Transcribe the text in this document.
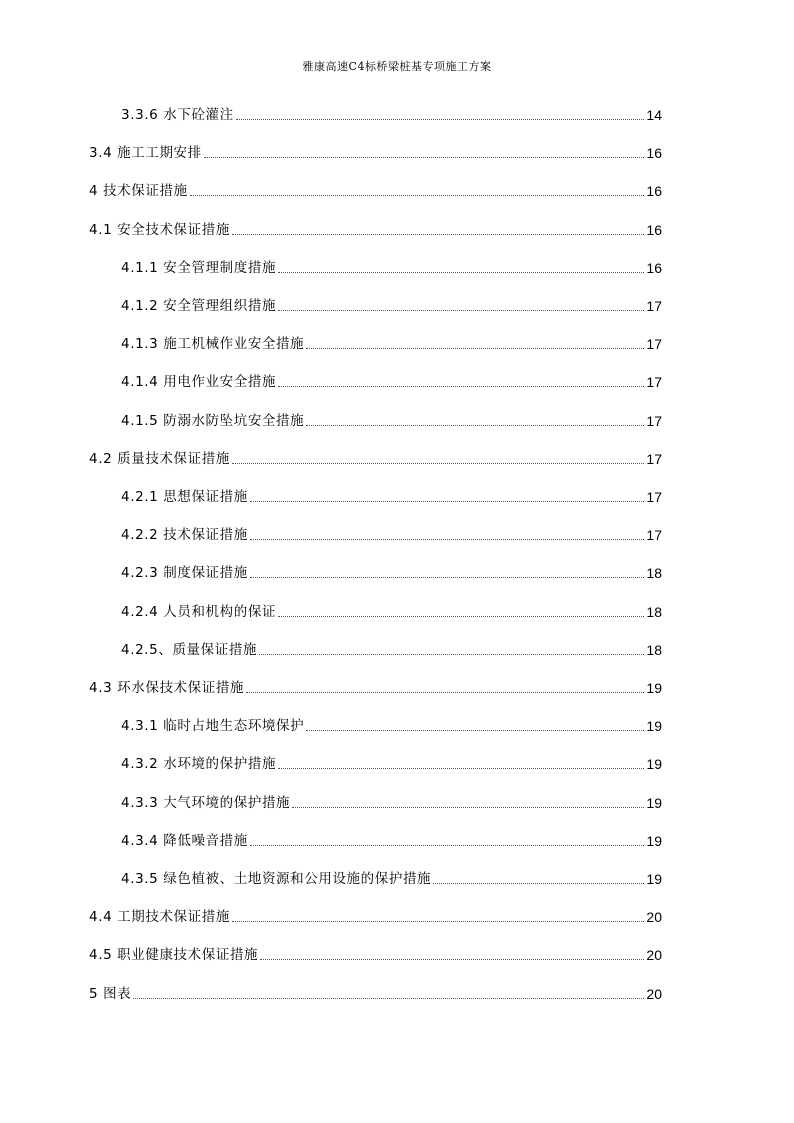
雅康高速C4标桥梁桩基专项施工方案
3.3.6 水下砼灌注	14
3.4 施工工期安排	16
4 技术保证措施	16
4.1 安全技术保证措施	16
4.1.1 安全管理制度措施	16
4.1.2 安全管理组织措施	17
4.1.3 施工机械作业安全措施	17
4.1.4 用电作业安全措施	17
4.1.5 防溺水防坠坑安全措施	17
4.2 质量技术保证措施	17
4.2.1 思想保证措施	17
4.2.2 技术保证措施	17
4.2.3 制度保证措施	18
4.2.4 人员和机构的保证	18
4.2.5、质量保证措施	18
4.3 环水保技术保证措施	19
4.3.1 临时占地生态环境保护	19
4.3.2 水环境的保护措施	19
4.3.3 大气环境的保护措施	19
4.3.4 降低噪音措施	19
4.3.5 绿色植被、土地资源和公用设施的保护措施	19
4.4 工期技术保证措施	20
4.5 职业健康技术保证措施	20
5 图表	20
